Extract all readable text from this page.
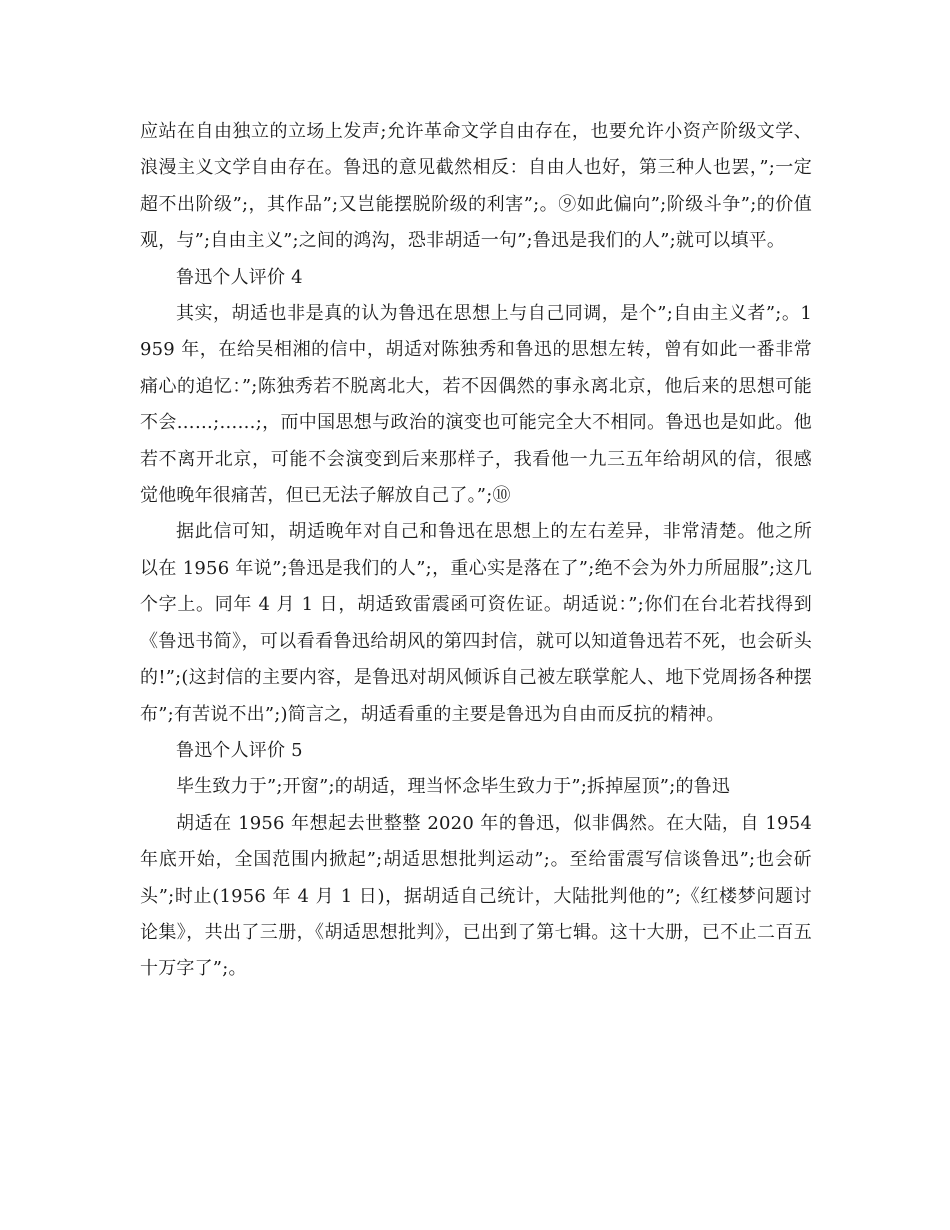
应站在自由独立的立场上发声;允许革命文学自由存在，也要允许小资产阶级文学、浪漫主义文学自由存在。鲁迅的意见截然相反：自由人也好，第三种人也罢，”;一定超不出阶级”;，其作品”;又岂能摆脱阶级的利害”;。⑨如此偏向”;阶级斗争”;的价值观，与”;自由主义”;之间的鸿沟，恐非胡适一句”;鲁迅是我们的人”;就可以填平。

鲁迅个人评价 4

其实，胡适也非是真的认为鲁迅在思想上与自己同调，是个”;自由主义者”;。1959 年，在给吴相湘的信中，胡适对陈独秀和鲁迅的思想左转，曾有如此一番非常痛心的追忆：”;陈独秀若不脱离北大，若不因偶然的事永离北京，他后来的思想可能不会……;……;，而中国思想与政治的演变也可能完全大不相同。鲁迅也是如此。他若不离开北京，可能不会演变到后来那样子，我看他一九三五年给胡风的信，很感觉他晚年很痛苦，但已无法子解放自己了。”;⑩

据此信可知，胡适晚年对自己和鲁迅在思想上的左右差异，非常清楚。他之所以在 1956 年说”;鲁迅是我们的人”;，重心实是落在了”;绝不会为外力所屈服”;这几个字上。同年 4 月 1 日，胡适致雷震函可资佐证。胡适说：”;你们在台北若找得到《鲁迅书简》，可以看看鲁迅给胡风的第四封信，就可以知道鲁迅若不死，也会斫头的!”;(这封信的主要内容，是鲁迅对胡风倾诉自己被左联掌舵人、地下党周扬各种摆布”;有苦说不出”;)简言之，胡适看重的主要是鲁迅为自由而反抗的精神。

鲁迅个人评价 5

毕生致力于”;开窗”;的胡适，理当怀念毕生致力于”;拆掉屋顶”;的鲁迅

胡适在 1956 年想起去世整整 2020 年的鲁迅，似非偶然。在大陆，自 1954 年底开始，全国范围内掀起”;胡适思想批判运动”;。至给雷震写信谈鲁迅”;也会斫头”;时止(1956 年 4 月 1 日)，据胡适自己统计，大陆批判他的”;《红楼梦问题讨论集》，共出了三册，《胡适思想批判》，已出到了第七辑。这十大册，已不止二百五十万字了”;。
